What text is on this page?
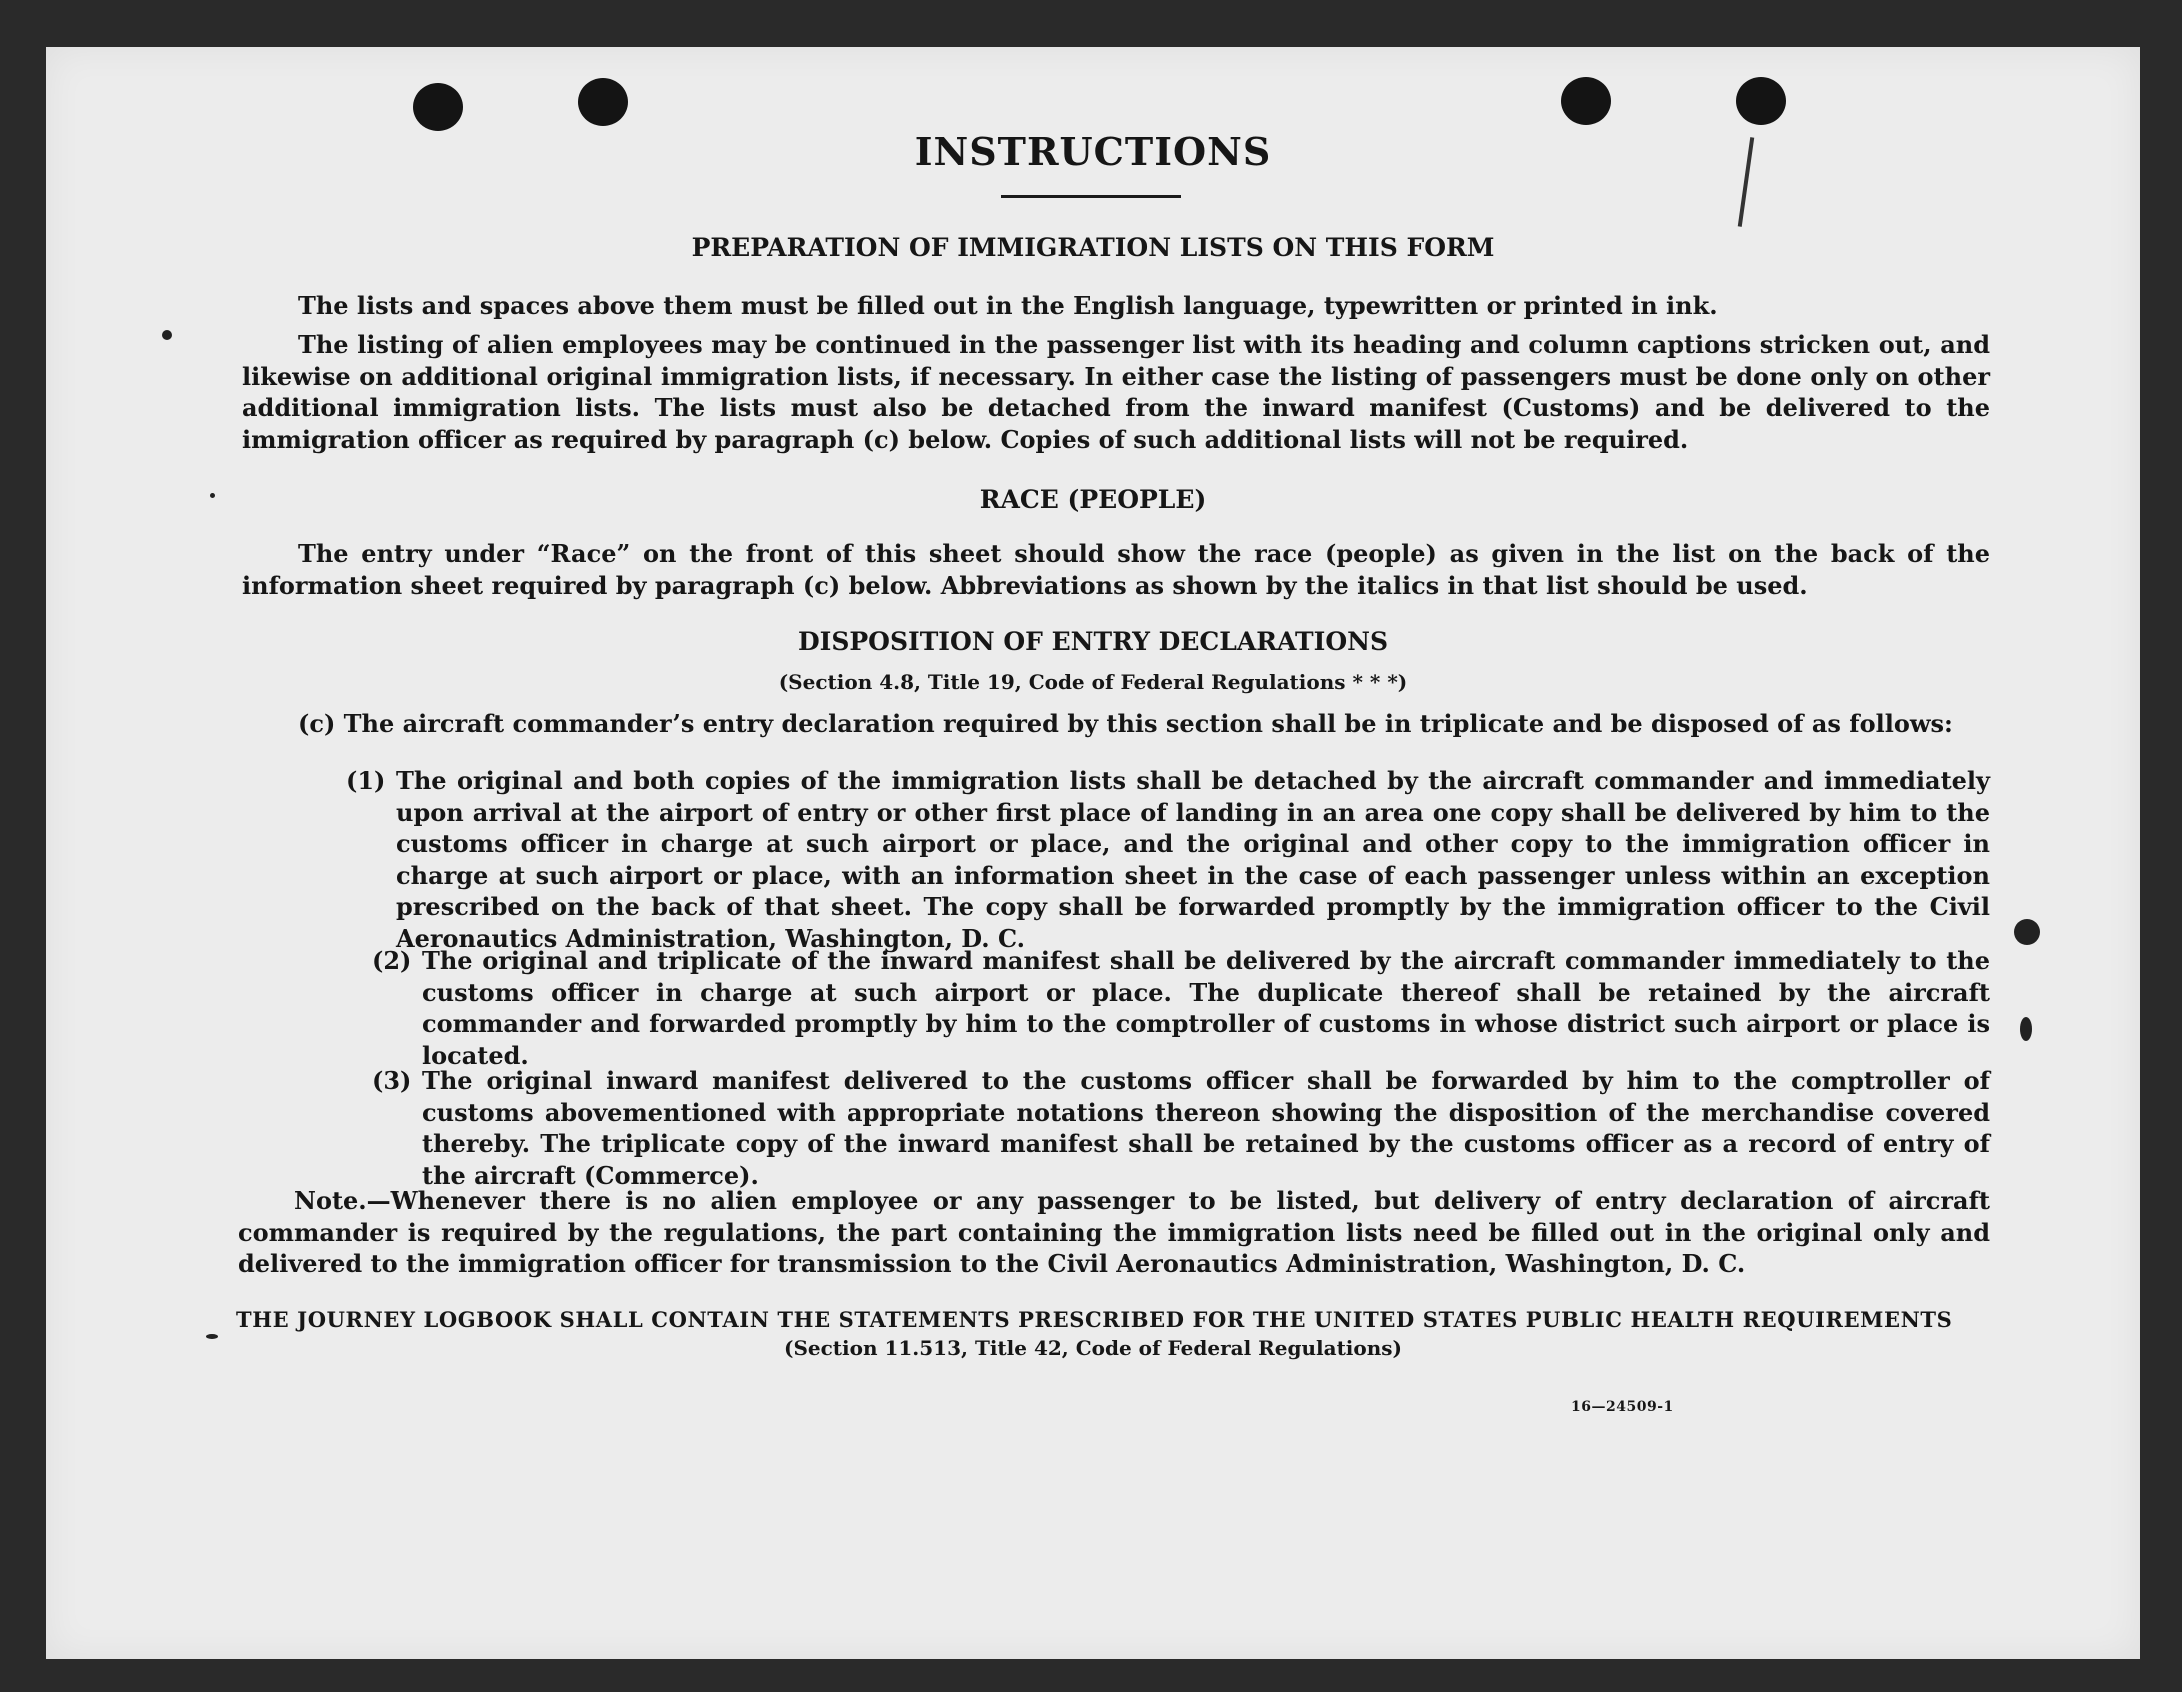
INSTRUCTIONS
PREPARATION OF IMMIGRATION LISTS ON THIS FORM
The lists and spaces above them must be filled out in the English language, typewritten or printed in ink.
The listing of alien employees may be continued in the passenger list with its heading and column captions stricken out, and likewise on additional original immigration lists, if necessary. In either case the listing of passengers must be done only on other additional immigration lists. The lists must also be detached from the inward manifest (Customs) and be delivered to the immigration officer as required by paragraph (c) below. Copies of such additional lists will not be required.
RACE (PEOPLE)
The entry under “Race” on the front of this sheet should show the race (people) as given in the list on the back of the information sheet required by paragraph (c) below. Abbreviations as shown by the italics in that list should be used.
DISPOSITION OF ENTRY DECLARATIONS
(Section 4.8, Title 19, Code of Federal Regulations * * *)
(c) The aircraft commander’s entry declaration required by this section shall be in triplicate and be disposed of as follows:
(1) The original and both copies of the immigration lists shall be detached by the aircraft commander and immediately upon arrival at the airport of entry or other first place of landing in an area one copy shall be delivered by him to the customs officer in charge at such airport or place, and the original and other copy to the immigration officer in charge at such airport or place, with an information sheet in the case of each passenger unless within an exception prescribed on the back of that sheet. The copy shall be forwarded promptly by the immigration officer to the Civil Aeronautics Administration, Washington, D. C.
(2) The original and triplicate of the inward manifest shall be delivered by the aircraft commander immediately to the customs officer in charge at such airport or place. The duplicate thereof shall be retained by the aircraft commander and forwarded promptly by him to the comptroller of customs in whose district such airport or place is located.
(3) The original inward manifest delivered to the customs officer shall be forwarded by him to the comptroller of customs abovementioned with appropriate notations thereon showing the disposition of the merchandise covered thereby. The triplicate copy of the inward manifest shall be retained by the customs officer as a record of entry of the aircraft (Commerce).
Note.—Whenever there is no alien employee or any passenger to be listed, but delivery of entry declaration of aircraft commander is required by the regulations, the part containing the immigration lists need be filled out in the original only and delivered to the immigration officer for transmission to the Civil Aeronautics Administration, Washington, D. C.
THE JOURNEY LOGBOOK SHALL CONTAIN THE STATEMENTS PRESCRIBED FOR THE UNITED STATES PUBLIC HEALTH REQUIREMENTS
(Section 11.513, Title 42, Code of Federal Regulations)
16—24509-1
